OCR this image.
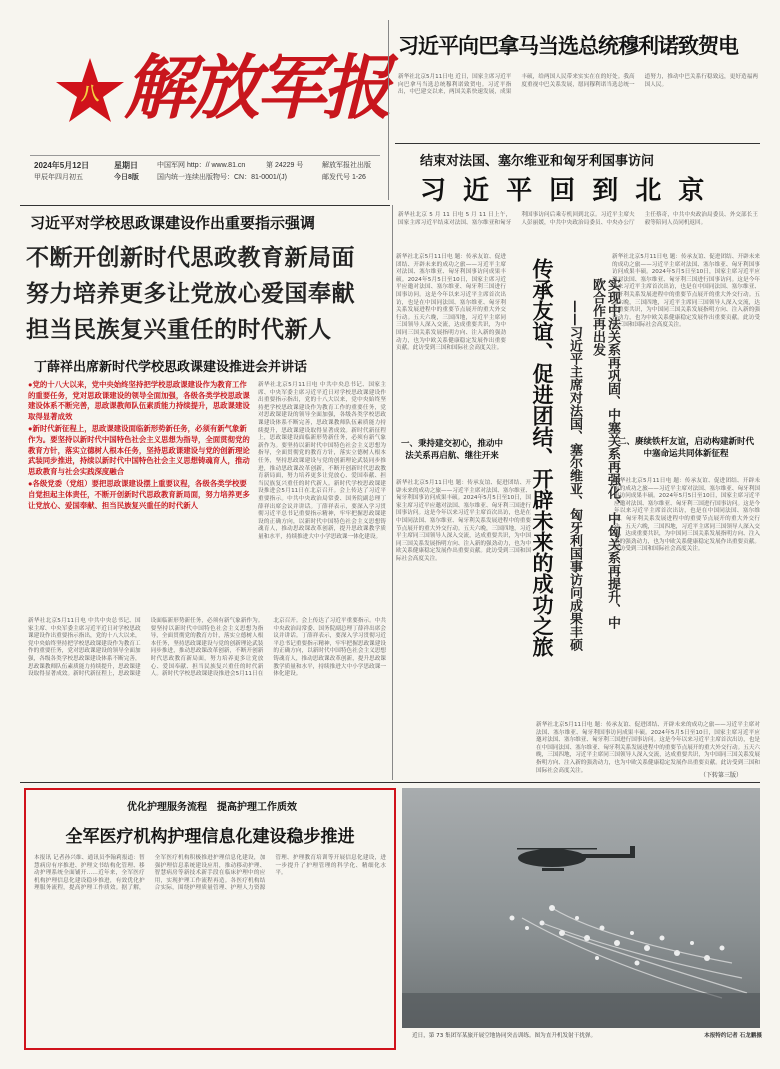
八 解放军报
2024年5月12日	星期日
甲辰年四月初五	今日8版
中国军网 http：// www.81.cn	第 24229 号	解放军报社出版
国内统一连续出版物号：CN：81-0001/(J)	邮发代号 1-26
习近平向巴拿马当选总统穆利诺致贺电
新华社北京5月11日电 近日，国家主席习近平向巴拿马当选总统穆利诺致贺电。习近平指出，中巴建交以来，两国关系快速发展，成果丰硕，给两国人民带来实实在在的好处。我高度重视中巴关系发展，愿同穆利诺当选总统一道努力，推动中巴关系行稳致远，更好造福两国人民。
结束对法国、塞尔维亚和匈牙利国事访问
习 近 平 回 到 北 京
新华社北京 5 月 11 日电 5 月 11 日上午，国家主席习近平结束对法国、塞尔维亚和匈牙利国事访问后乘专机回到北京。习近平主席夫人彭丽媛，中共中央政治局委员、中央办公厅主任蔡奇，中共中央政治局委员、外交部长王毅等陪同人员同机返回。
习近平对学校思政课建设作出重要指示强调
不断开创新时代思政教育新局面
努力培养更多让党放心爱国奉献
担当民族复兴重任的时代新人
丁薛祥出席新时代学校思政课建设推进会并讲话

●党的十八大以来，党中央始终坚持把学校思政课建设作为教育工作的重要任务，党对思政课建设的领导全面加强，各级各类学校思政课建设体系不断完善，思政课教师队伍素质能力持续提升，思政课建设取得显著成效

●新时代新征程上，思政课建设面临新形势新任务，必须有新气象新作为。要坚持以新时代中国特色社会主义思想为指导，全面贯彻党的教育方针，落实立德树人根本任务，坚持思政课建设与党的创新理论武装同步推进，持续以新时代中国特色社会主义思想铸魂育人，推动思政教育与社会实践深度融合

●各级党委（党组）要把思政课建设摆上重要议程，各级各类学校要自觉担起主体责任，不断开创新时代思政教育新局面，努力培养更多让党放心、爱国奉献、担当民族复兴重任的时代新人

新华社北京5月11日电 中共中央总书记、国家主席、中央军委主席习近平近日对学校思政课建设作出重要指示指出，党的十八大以来，党中央始终坚持把学校思政课建设作为教育工作的重要任务，党对思政课建设的领导全面加强，各级各类学校思政课建设体系不断完善，思政课教师队伍素质能力持续提升，思政课建设取得显著成效。新时代新征程上，思政课建设面临新形势新任务，必须有新气象新作为。要坚持以新时代中国特色社会主义思想为指导，全面贯彻党的教育方针，落实立德树人根本任务，坚持思政课建设与党的创新理论武装同步推进，推动思政课改革创新，不断开创新时代思政教育新局面，努力培养更多让党放心、爱国奉献、担当民族复兴重任的时代新人。新时代学校思政课建设推进会5月11日在北京召开。会上传达了习近平重要指示。中共中央政治局常委、国务院副总理丁薛祥出席会议并讲话。丁薛祥表示，要深入学习贯彻习近平总书记重要指示精神，牢牢把握思政课建设的正确方向，以新时代中国特色社会主义思想铸魂育人，推动思政课改革创新，提升思政课教学质量和水平，持续推进大中小学思政课一体化建设。
新华社北京5月11日电 中共中央总书记、国家主席、中央军委主席习近平近日对学校思政课建设作出重要指示指出，党的十八大以来，党中央始终坚持把学校思政课建设作为教育工作的重要任务，党对思政课建设的领导全面加强，各级各类学校思政课建设体系不断完善，思政课教师队伍素质能力持续提升，思政课建设取得显著成效。新时代新征程上，思政课建设面临新形势新任务，必须有新气象新作为。要坚持以新时代中国特色社会主义思想为指导，全面贯彻党的教育方针，落实立德树人根本任务，坚持思政课建设与党的创新理论武装同步推进，推动思政课改革创新，不断开创新时代思政教育新局面，努力培养更多让党放心、爱国奉献、担当民族复兴重任的时代新人。新时代学校思政课建设推进会5月11日在北京召开。会上传达了习近平重要指示。中共中央政治局常委、国务院副总理丁薛祥出席会议并讲话。丁薛祥表示，要深入学习贯彻习近平总书记重要指示精神，牢牢把握思政课建设的正确方向，以新时代中国特色社会主义思想铸魂育人，推动思政课改革创新，提升思政课教学质量和水平，持续推进大中小学思政课一体化建设。
新华社北京5月11日电 题：传承友谊、促进团结、开辟未来的成功之旅——习近平主席对法国、塞尔维亚、匈牙利国事访问成果丰硕。2024年5月5日至10日，国家主席习近平应邀对法国、塞尔维亚、匈牙利三国进行国事访问。这是今年以来习近平主席首次出访，也是在中国同法国、塞尔维亚、匈牙利关系发展进程中的重要节点展开的重大外交行动。五天六晚，三国四地，习近平主席同三国领导人深入交流，达成重要共识，为中国同三国关系发展指明方向、注入新的强劲动力，也为中欧关系健康稳定发展作出重要贡献。此访受到三国和国际社会高度关注。 传承友谊、促进团结、开辟未来的成功之旅 ——习近平主席对法国、塞尔维亚、匈牙利国事访问成果丰硕	实现中法关系再巩固、中塞关系再强化、中匈关系再提升、中欧合作再出发
新华社北京5月11日电 题：传承友谊、促进团结、开辟未来的成功之旅——习近平主席对法国、塞尔维亚、匈牙利国事访问成果丰硕。2024年5月5日至10日，国家主席习近平应邀对法国、塞尔维亚、匈牙利三国进行国事访问。这是今年以来习近平主席首次出访，也是在中国同法国、塞尔维亚、匈牙利关系发展进程中的重要节点展开的重大外交行动。五天六晚，三国四地，习近平主席同三国领导人深入交流，达成重要共识，为中国同三国关系发展指明方向、注入新的强劲动力，也为中欧关系健康稳定发展作出重要贡献。此访受到三国和国际社会高度关注。
一、秉持建交初心，推动中法关系再启航、继往开来
新华社北京5月11日电 题：传承友谊、促进团结、开辟未来的成功之旅——习近平主席对法国、塞尔维亚、匈牙利国事访问成果丰硕。2024年5月5日至10日，国家主席习近平应邀对法国、塞尔维亚、匈牙利三国进行国事访问。这是今年以来习近平主席首次出访，也是在中国同法国、塞尔维亚、匈牙利关系发展进程中的重要节点展开的重大外交行动。五天六晚，三国四地，习近平主席同三国领导人深入交流，达成重要共识，为中国同三国关系发展指明方向、注入新的强劲动力，也为中欧关系健康稳定发展作出重要贡献。此访受到三国和国际社会高度关注。
二、赓续铁杆友谊，启动构建新时代中塞命运共同体新征程
新华社北京5月11日电 题：传承友谊、促进团结、开辟未来的成功之旅——习近平主席对法国、塞尔维亚、匈牙利国事访问成果丰硕。2024年5月5日至10日，国家主席习近平应邀对法国、塞尔维亚、匈牙利三国进行国事访问。这是今年以来习近平主席首次出访，也是在中国同法国、塞尔维亚、匈牙利关系发展进程中的重要节点展开的重大外交行动。五天六晚，三国四地，习近平主席同三国领导人深入交流，达成重要共识，为中国同三国关系发展指明方向、注入新的强劲动力，也为中欧关系健康稳定发展作出重要贡献。此访受到三国和国际社会高度关注。
新华社北京5月11日电 题：传承友谊、促进团结、开辟未来的成功之旅——习近平主席对法国、塞尔维亚、匈牙利国事访问成果丰硕。2024年5月5日至10日，国家主席习近平应邀对法国、塞尔维亚、匈牙利三国进行国事访问。这是今年以来习近平主席首次出访，也是在中国同法国、塞尔维亚、匈牙利关系发展进程中的重要节点展开的重大外交行动。五天六晚，三国四地，习近平主席同三国领导人深入交流，达成重要共识，为中国同三国关系发展指明方向、注入新的强劲动力，也为中欧关系健康稳定发展作出重要贡献。此访受到三国和国际社会高度关注。
（下转第三版）
优化护理服务流程　提高护理工作质效
全军医疗机构护理信息化建设稳步推进
本报讯 记者孙兴维、通讯员李翰莉报道：智慧病房有序推进、护理文书结构化管理、移动护理系统全面铺开……近年来，全军医疗机构护理信息化建设稳步推进，有效优化护理服务流程，提高护理工作质效。据了解，全军医疗机构积极推进护理信息化建设，加强护理信息系统建设应用，推动移动护理、智慧病房等新技术新手段在临床护理中的应用，实现护理工作流程再造。各医疗机构结合实际，围绕护理质量管理、护理人力资源管理、护理教育培训等开展信息化建设，进一步提升了护理管理的科学化、精细化水平。
近日，第 73 集团军某旅开展空地协同突击训练。图为直升机发射干扰弹。	本报特约记者 石龙鹏摄
